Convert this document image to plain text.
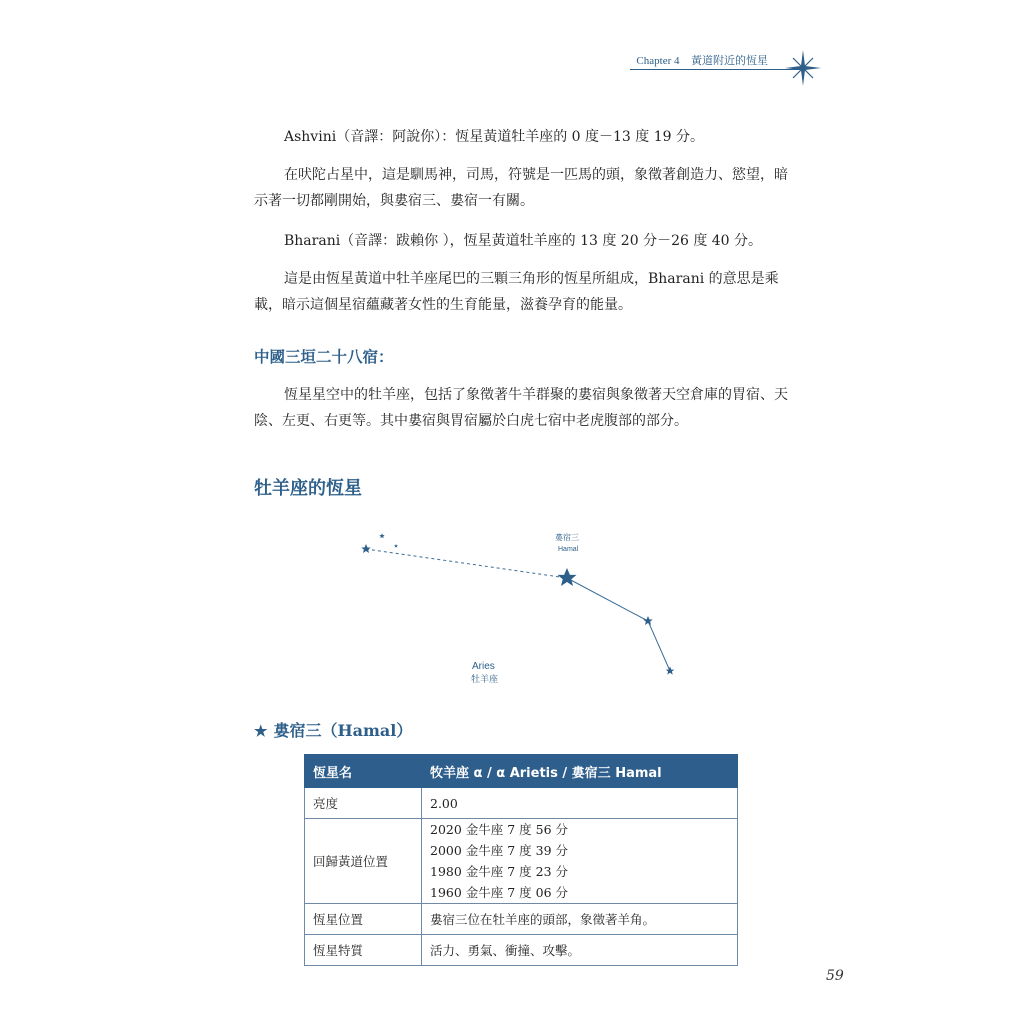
Chapter 4 黃道附近的恆星

Ashvini（音譯：阿說你）：恆星黃道牡羊座的 0 度－13 度 19 分。

在吠陀占星中，這是馴馬神，司馬，符號是一匹馬的頭，象徵著創造力、慾望，暗示著一切都剛開始，與婁宿三、婁宿一有關。

Bharani（音譯：跋賴你 ），恆星黃道牡羊座的 13 度 20 分－26 度 40 分。

這是由恆星黃道中牡羊座尾巴的三顆三角形的恆星所組成，Bharani 的意思是乘載，暗示這個星宿蘊藏著女性的生育能量，滋養孕育的能量。

中國三垣二十八宿：

恆星星空中的牡羊座，包括了象徵著牛羊群聚的婁宿與象徵著天空倉庫的胃宿、天陰、左更、右更等。其中婁宿與胃宿屬於白虎七宿中老虎腹部的部分。

牡羊座的恆星
婁宿三
Hamal
Aries
牡羊座
★ 婁宿三（Hamal）
恆星名	牧羊座 α / α Arietis / 婁宿三 Hamal
亮度	2.00
回歸黃道位置	2020 金牛座 7 度 56 分
2000 金牛座 7 度 39 分
1980 金牛座 7 度 23 分
1960 金牛座 7 度 06 分

恆星位置	婁宿三位在牡羊座的頭部，象徵著羊角。
恆星特質	活力、勇氣、衝撞、攻擊。
59
